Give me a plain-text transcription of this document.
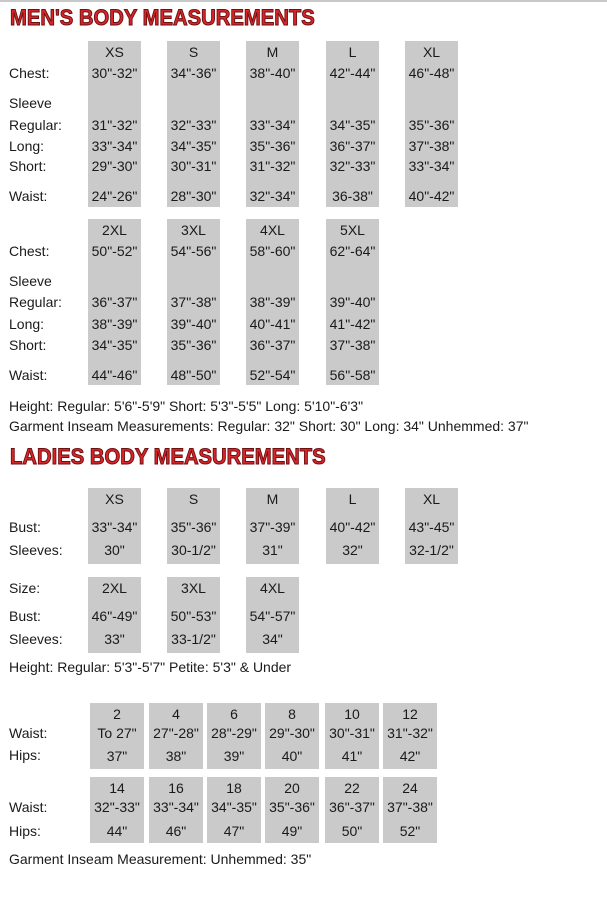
MEN'S BODY MEASUREMENTS
Chest:
Sleeve
Regular:
Long:
Short:
Waist:
XS
30"-32"
31"-32"
33"-34"
29"-30"
24"-26"
S
34"-36"
32"-33"
34"-35"
30"-31"
28"-30"
M
38"-40"
33"-34"
35"-36"
31"-32"
32"-34"
L
42"-44"
34"-35"
36"-37"
32"-33"
36-38"
XL
46"-48"
35"-36"
37"-38"
33"-34"
40"-42"
Chest:
Sleeve
Regular:
Long:
Short:
Waist:
2XL
50"-52"
36"-37"
38"-39"
34"-35"
44"-46"
3XL
54"-56"
37"-38"
39"-40"
35"-36"
48"-50"
4XL
58"-60"
38"-39"
40"-41"
36"-37"
52"-54"
5XL
62"-64"
39"-40"
41"-42"
37"-38"
56"-58"
Height: Regular: 5'6"-5'9" Short: 5'3"-5'5" Long: 5'10"-6'3"
Garment Inseam Measurements: Regular: 32" Short: 30" Long: 34" Unhemmed: 37"
LADIES BODY MEASUREMENTS
Bust:
Sleeves:
XS
33"-34"
30"
S
35"-36"
30-1/2"
M
37"-39"
31"
L
40"-42"
32"
XL
43"-45"
32-1/2"
Size:
Bust:
Sleeves:
2XL
46"-49"
33"
3XL
50"-53"
33-1/2"
4XL
54"-57"
34"
Height: Regular: 5'3"-5'7" Petite: 5'3" & Under
Waist:
Hips:
2
To 27"
37"
4
27"-28"
38"
6
28"-29"
39"
8
29"-30"
40"
10
30"-31"
41"
12
31"-32"
42"
Waist:
Hips:
14
32"-33"
44"
16
33"-34"
46"
18
34"-35"
47"
20
35"-36"
49"
22
36"-37"
50"
24
37"-38"
52"
Garment Inseam Measurement: Unhemmed: 35"
